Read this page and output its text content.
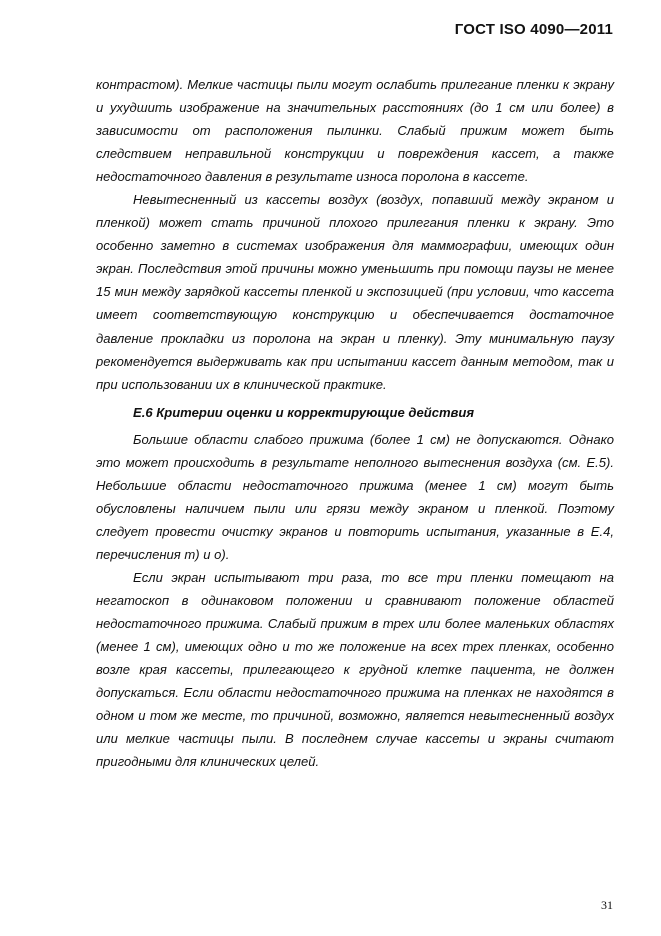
ГОСТ ISO 4090—2011

контрастом). Мелкие частицы пыли могут ослабить прилегание пленки к экрану и ухудшить изображение на значительных расстояниях (до 1 см или более) в зависимости от расположения пылинки. Слабый прижим может быть следствием неправильной конструкции и повреждения кассет, а также недостаточного давления в результате износа поролона в кассете.

Невытесненный из кассеты воздух (воздух, попавший между экраном и пленкой) может стать причиной плохого прилегания пленки к экрану. Это особенно заметно в системах изображения для маммографии, имеющих один экран. Последствия этой причины можно уменьшить при помощи паузы не менее 15 мин между зарядкой кассеты пленкой и экспозицией (при условии, что кассета имеет соответствующую конструкцию и обеспечивается достаточное давление прокладки из поролона на экран и пленку). Эту минимальную паузу рекомендуется выдерживать как при испытании кассет данным методом, так и при использовании их в клинической практике.

Е.6 Критерии оценки и корректирующие действия

Большие области слабого прижима (более 1 см) не допускаются. Однако это может происходить в результате неполного вытеснения воздуха (см. Е.5). Небольшие области недостаточного прижима (менее 1 см) могут быть обусловлены наличием пыли или грязи между экраном и пленкой. Поэтому следует провести очистку экранов и повторить испытания, указанные в Е.4, перечисления m) и о).

Если экран испытывают три раза, то все три пленки помещают на негатоскоп в одинаковом положении и сравнивают положение областей недостаточного прижима. Слабый прижим в трех или более маленьких областях (менее 1 см), имеющих одно и то же положение на всех трех пленках, особенно возле края кассеты, прилегающего к грудной клетке пациента, не должен допускаться. Если области недостаточного прижима на пленках не находятся в одном и том же месте, то причиной, возможно, является невытесненный воздух или мелкие частицы пыли. В последнем случае кассеты и экраны считают пригодными для клинических целей.

31
